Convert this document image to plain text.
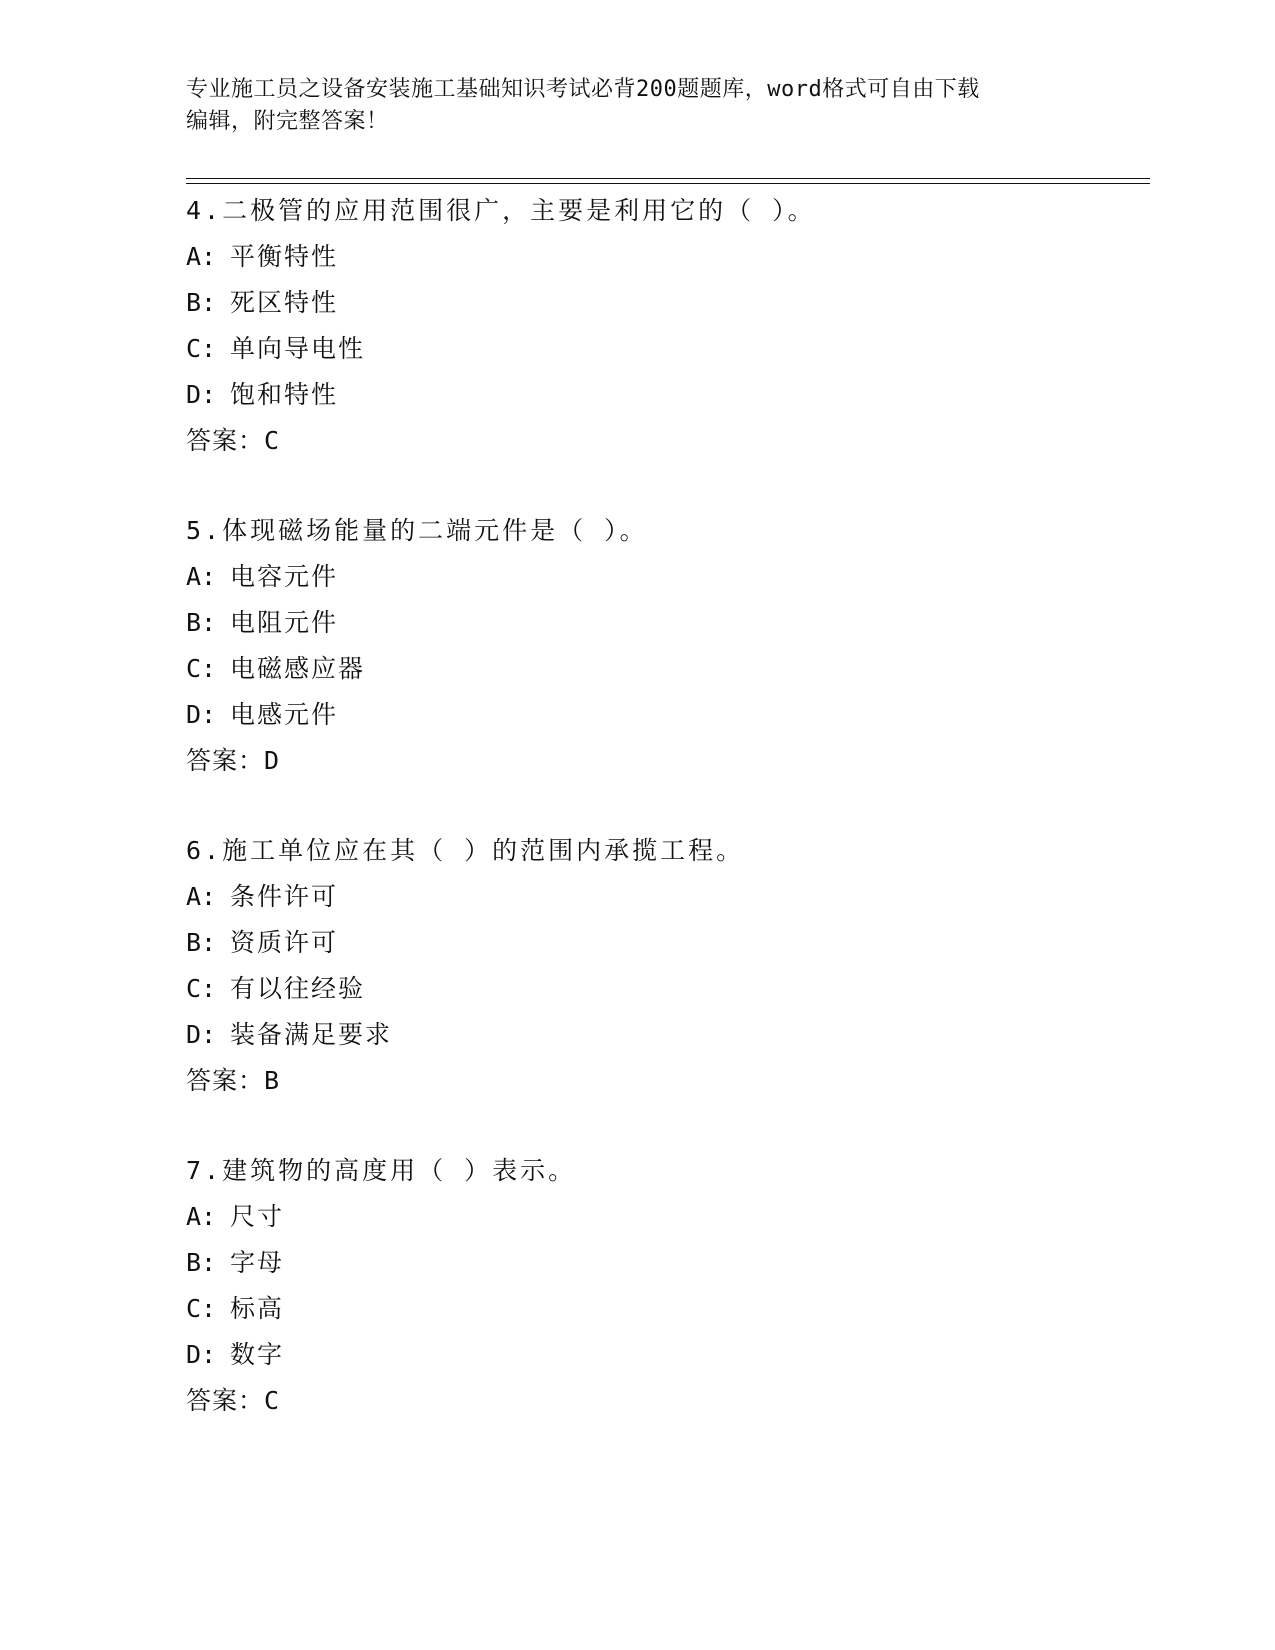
专业施工员之设备安装施工基础知识考试必背200题题库，word格式可自由下载
编辑，附完整答案！
4.二极管的应用范围很广，主要是利用它的（ ）。
A: 平衡特性
B: 死区特性
C: 单向导电性
D: 饱和特性
答案：C
5.体现磁场能量的二端元件是（ ）。
A: 电容元件
B: 电阻元件
C: 电磁感应器
D: 电感元件
答案：D
6.施工单位应在其（ ）的范围内承揽工程。
A: 条件许可
B: 资质许可
C: 有以往经验
D: 装备满足要求
答案：B
7.建筑物的高度用（ ）表示。
A: 尺寸
B: 字母
C: 标高
D: 数字
答案：C
